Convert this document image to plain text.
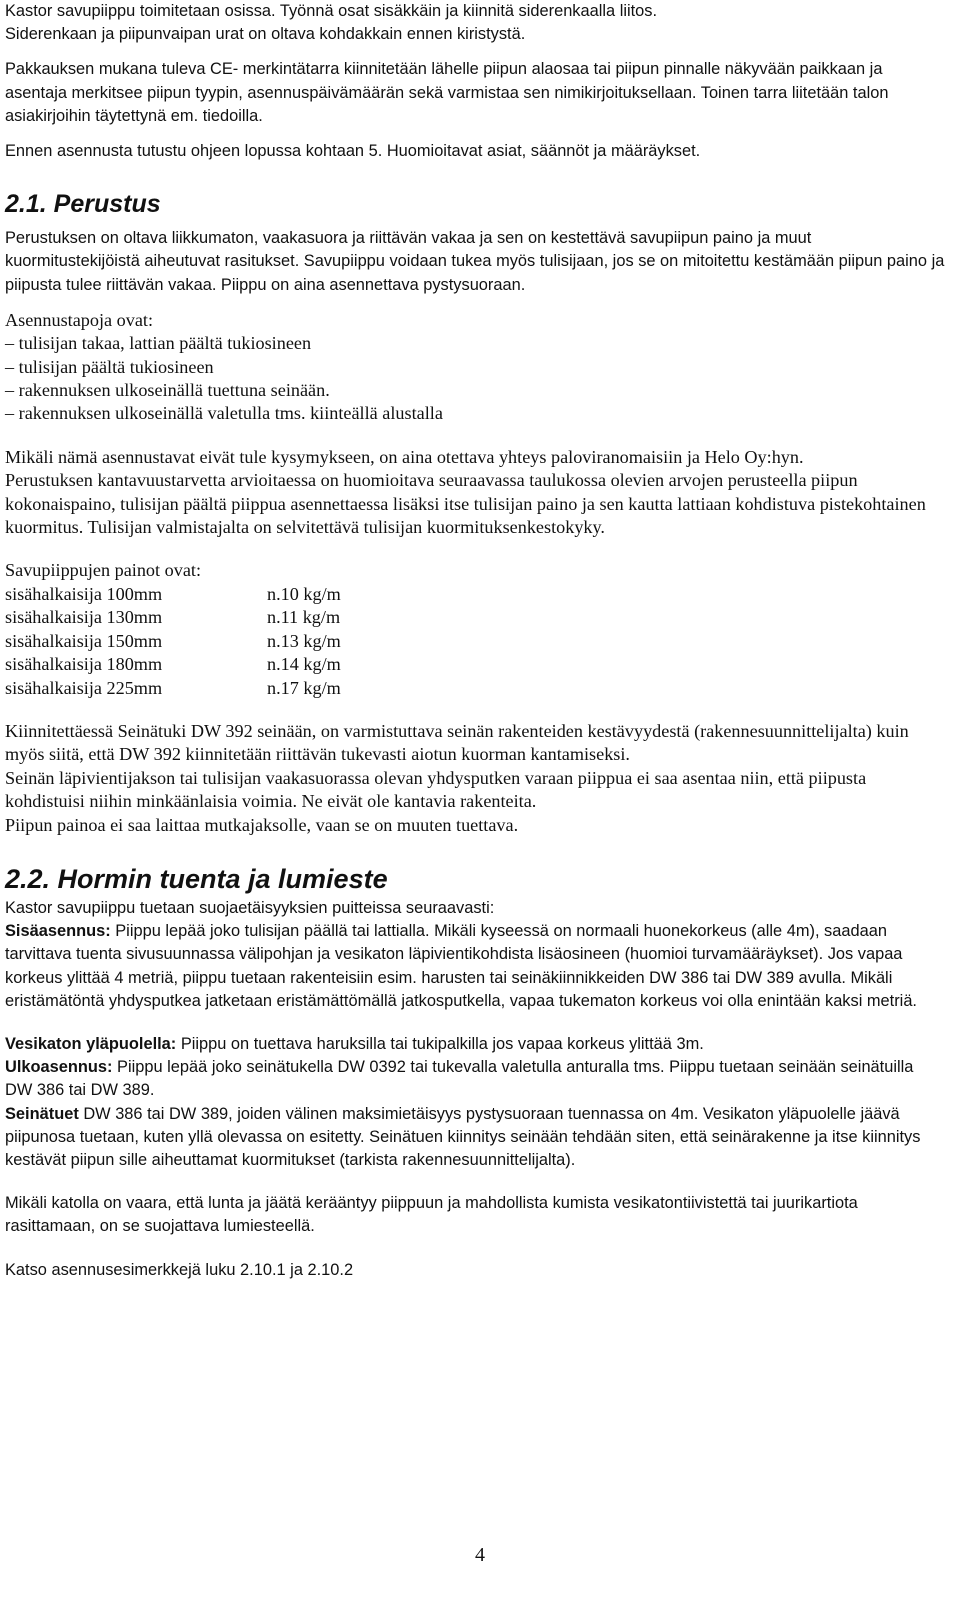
Kastor savupiippu toimitetaan osissa. Työnnä osat sisäkkäin ja kiinnitä siderenkaalla liitos.

Siderenkaan ja piipunvaipan urat on oltava kohdakkain ennen kiristystä.

Pakkauksen mukana tuleva CE- merkintätarra kiinnitetään lähelle piipun alaosaa tai piipun pinnalle näkyvään paikkaan ja asentaja merkitsee piipun tyypin, asennuspäivämäärän sekä varmistaa sen nimikirjoituksellaan. Toinen tarra liitetään talon asiakirjoihin täytettynä em. tiedoilla.

Ennen asennusta tutustu ohjeen lopussa kohtaan 5. Huomioitavat asiat, säännöt ja määräykset.

2.1. Perustus

Perustuksen on oltava liikkumaton, vaakasuora ja riittävän vakaa ja sen on kestettävä savupiipun paino ja muut kuormitustekijöistä aiheutuvat rasitukset. Savupiippu voidaan tukea myös tulisijaan, jos se on mitoitettu kestämään piipun paino ja piipusta tulee riittävän vakaa. Piippu on aina asennettava pystysuoraan.

Asennustapoja ovat:
– tulisijan takaa, lattian päältä tukiosineen
– tulisijan päältä tukiosineen
– rakennuksen ulkoseinällä tuettuna seinään.
– rakennuksen ulkoseinällä valetulla tms. kiinteällä alustalla

Mikäli nämä asennustavat eivät tule kysymykseen, on aina otettava yhteys paloviranomaisiin ja Helo Oy:hyn.

Perustuksen kantavuustarvetta arvioitaessa on huomioitava seuraavassa taulukossa olevien arvojen perusteella piipun kokonaispaino, tulisijan päältä piippua asennettaessa lisäksi itse tulisijan paino ja sen kautta lattiaan kohdistuva pistekohtainen kuormitus. Tulisijan valmistajalta on selvitettävä tulisijan kuormituksenkestokyky.

Savupiippujen painot ovat:
sisähalkaisija 100mm	n.10 kg/m
sisähalkaisija 130mm	n.11 kg/m
sisähalkaisija 150mm	n.13 kg/m
sisähalkaisija 180mm	n.14 kg/m
sisähalkaisija 225mm	n.17 kg/m

Kiinnitettäessä Seinätuki DW 392 seinään, on varmistuttava seinän rakenteiden kestävyydestä (rakennesuunnittelijalta) kuin myös siitä, että DW 392 kiinnitetään riittävän tukevasti aiotun kuorman kantamiseksi.

Seinän läpivientijakson tai tulisijan vaakasuorassa olevan yhdysputken varaan piippua ei saa asentaa niin, että piipusta kohdistuisi niihin minkäänlaisia voimia. Ne eivät ole kantavia rakenteita.

Piipun painoa ei saa laittaa mutkajaksolle, vaan se on muuten tuettava.

2.2. Hormin tuenta ja lumieste

Kastor savupiippu tuetaan suojaetäisyyksien puitteissa seuraavasti:

Sisäasennus: Piippu lepää joko tulisijan päällä tai lattialla. Mikäli kyseessä on normaali huonekorkeus (alle 4m), saadaan tarvittava tuenta sivusuunnassa välipohjan ja vesikaton läpivientikohdista lisäosineen (huomioi turvamääräykset). Jos vapaa korkeus ylittää 4 metriä, piippu tuetaan rakenteisiin esim. harusten tai seinäkiinnikkeiden DW 386 tai DW 389 avulla. Mikäli eristämätöntä yhdysputkea jatketaan eristämättömällä jatkosputkella, vapaa tukematon korkeus voi olla enintään kaksi metriä.

Vesikaton yläpuolella: Piippu on tuettava haruksilla tai tukipalkilla jos vapaa korkeus ylittää 3m.

Ulkoasennus: Piippu lepää joko seinätukella DW 0392 tai tukevalla valetulla anturalla tms. Piippu tuetaan seinään seinätuilla DW 386 tai DW 389.

Seinätuet DW 386 tai DW 389, joiden välinen maksimietäisyys pystysuoraan tuennassa on 4m. Vesikaton yläpuolelle jäävä piipunosa tuetaan, kuten yllä olevassa on esitetty. Seinätuen kiinnitys seinään tehdään siten, että seinärakenne ja itse kiinnitys kestävät piipun sille aiheuttamat kuormitukset (tarkista rakennesuunnittelijalta).

Mikäli katolla on vaara, että lunta ja jäätä kerääntyy piippuun ja mahdollista kumista vesikatontiivistettä tai juurikartiota rasittamaan, on se suojattava lumiesteellä.

Katso asennusesimerkkejä luku 2.10.1 ja 2.10.2

4
